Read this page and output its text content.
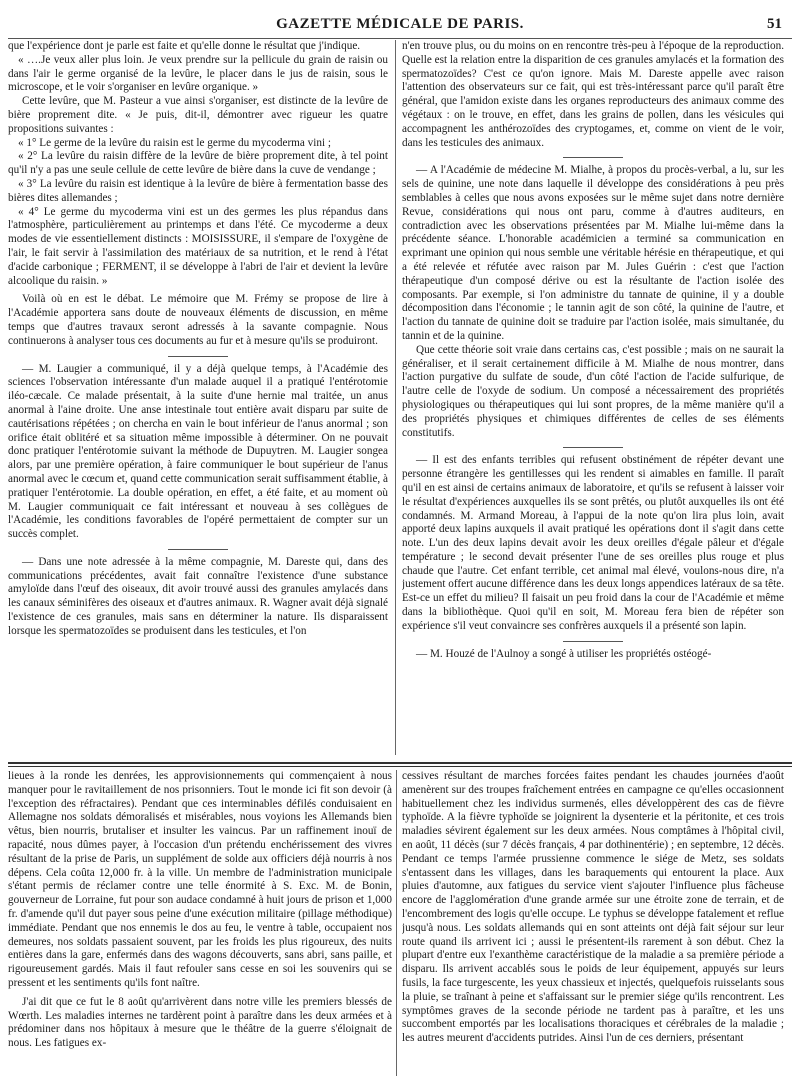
GAZETTE MÉDICALE DE PARIS.	51

que l'expérience dont je parle est faite et qu'elle donne le résultat que j'indique.

« ….Je veux aller plus loin. Je veux prendre sur la pellicule du grain de raisin ou dans l'air le germe organisé de la levûre, le placer dans le jus de raisin, sous le microscope, et le voir s'organiser en levûre organique. »

Cette levûre, que M. Pasteur a vue ainsi s'organiser, est distincte de la levûre de bière proprement dite. « Je puis, dit-il, démontrer avec rigueur les quatre propositions suivantes :

« 1° Le germe de la levûre du raisin est le germe du mycoderma vini ;

« 2° La levûre du raisin diffère de la levûre de bière proprement dite, à tel point qu'il n'y a pas une seule cellule de cette levûre de bière dans la cuve de vendange ;

« 3° La levûre du raisin est identique à la levûre de bière à fermentation basse des bières dites allemandes ;

« 4° Le germe du mycoderma vini est un des germes les plus répandus dans l'atmosphère, particulièrement au printemps et dans l'été. Ce mycoderme a deux modes de vie essentiellement distincts : MOISISSURE, il s'empare de l'oxygène de l'air, le fait servir à l'assimilation des matériaux de sa nutrition, et le rend à l'état d'acide carbonique ; FERMENT, il se développe à l'abri de l'air et devient la levûre alcoolique du raisin. »

Voilà où en est le débat. Le mémoire que M. Frémy se propose de lire à l'Académie apportera sans doute de nouveaux éléments de discussion, en même temps que d'autres travaux seront adressés à la savante compagnie. Nous continuerons à analyser tous ces documents au fur et à mesure qu'ils se produiront.

— M. Laugier a communiqué, il y a déjà quelque temps, à l'Académie des sciences l'observation intéressante d'un malade auquel il a pratiqué l'entérotomie iléo-cæcale. Ce malade présentait, à la suite d'une hernie mal traitée, un anus anormal à l'aine droite. Une anse intestinale tout entière avait disparu par suite de cautérisations répétées ; on chercha en vain le bout inférieur de l'anus anormal ; son orifice était oblitéré et sa situation même impossible à déterminer. On ne pouvait donc pratiquer l'entérotomie suivant la méthode de Dupuytren. M. Laugier songea alors, par une première opération, à faire communiquer le bout supérieur de l'anus anormal avec le cœcum et, quand cette communication serait suffisamment établie, à pratiquer l'entérotomie. La double opération, en effet, a été faite, et au moment où M. Laugier communiquait ce fait intéressant et nouveau à ses collègues de l'Académie, les conditions favorables de l'opéré permettaient de compter sur un succès complet.

— Dans une note adressée à la même compagnie, M. Dareste qui, dans des communications précédentes, avait fait connaître l'existence d'une substance amyloïde dans l'œuf des oiseaux, dit avoir trouvé aussi des granules amylacés dans les canaux séminifères des oiseaux et d'autres animaux. R. Wagner avait déjà signalé l'existence de ces granules, mais sans en déterminer la nature. Ils disparaissent lorsque les spermatozoïdes se produisent dans les testicules, et l'on

n'en trouve plus, ou du moins on en rencontre très-peu à l'époque de la reproduction. Quelle est la relation entre la disparition de ces granules amylacés et la formation des spermatozoïdes? C'est ce qu'on ignore. Mais M. Dareste appelle avec raison l'attention des observateurs sur ce fait, qui est très-intéressant parce qu'il paraît être général, que l'amidon existe dans les organes reproducteurs des animaux comme des végétaux : on le trouve, en effet, dans les grains de pollen, dans les vésicules qui accompagnent les anthérozoïdes des cryptogames, et, comme on vient de le voir, dans les testicules des animaux.

— A l'Académie de médecine M. Mialhe, à propos du procès-verbal, a lu, sur les sels de quinine, une note dans laquelle il développe des considérations à peu près semblables à celles que nous avons exposées sur le même sujet dans notre dernière Revue, considérations qui nous ont paru, comme à d'autres auditeurs, en contradiction avec les observations présentées par M. Mialhe lui-même dans la précédente séance. L'honorable académicien a terminé sa communication en exprimant une opinion qui nous semble une véritable hérésie en thérapeutique, et qui a été relevée et réfutée avec raison par M. Jules Guérin : c'est que l'action thérapeutique d'un composé dérive ou est la résultante de l'action isolée des composants. Par exemple, si l'on administre du tannate de quinine, il y a double décomposition dans l'économie ; le tannin agit de son côté, la quinine de l'autre, et l'action du tannate de quinine doit se traduire par l'action isolée, mais simultanée, du tannin et de la quinine.

Que cette théorie soit vraie dans certains cas, c'est possible ; mais on ne saurait la généraliser, et il serait certainement difficile à M. Mialhe de nous montrer, dans l'action purgative du sulfate de soude, d'un côté l'action de l'acide sulfurique, de l'autre celle de l'oxyde de sodium. Un composé a nécessairement des propriétés physiologiques ou thérapeutiques qui lui sont propres, de la même manière qu'il a des propriétés physiques et chimiques différentes de celles de ses éléments constitutifs.

— Il est des enfants terribles qui refusent obstinément de répéter devant une personne étrangère les gentillesses qui les rendent si aimables en famille. Il paraît qu'il en est ainsi de certains animaux de laboratoire, et qu'ils se refusent à laisser voir le résultat d'expériences auxquelles ils se sont prêtés, ou plutôt auxquelles ils ont été condamnés. M. Armand Moreau, à l'appui de la note qu'on lira plus loin, avait apporté deux lapins auxquels il avait pratiqué les opérations dont il s'agit dans cette note. L'un des deux lapins devait avoir les deux oreilles d'égale pâleur et d'égale température ; le second devait présenter l'une de ses oreilles plus rouge et plus chaude que l'autre. Cet enfant terrible, cet animal mal élevé, voulons-nous dire, n'a justement offert aucune différence dans les deux longs appendices latéraux de sa tête. Est-ce un effet du milieu? Il faisait un peu froid dans la cour de l'Académie et même dans la bibliothèque. Quoi qu'il en soit, M. Moreau fera bien de répéter son expérience s'il veut convaincre ses confrères auxquels il a présenté son lapin.

— M. Houzé de l'Aulnoy a songé à utiliser les propriétés ostéogé-

lieues à la ronde les denrées, les approvisionnements qui commençaient à nous manquer pour le ravitaillement de nos prisonniers. Tout le monde ici fit son devoir (à l'exception des réfractaires). Pendant que ces interminables défilés conduisaient en Allemagne nos soldats démoralisés et misérables, nous voyions les Allemands bien vêtus, bien nourris, brutaliser et insulter les vaincus. Par un raffinement inouï de rapacité, nous dûmes payer, à l'occasion d'un prétendu enchérissement des vivres résultant de la prise de Paris, un supplément de solde aux officiers déjà nourris à nos dépens. Cela coûta 12,000 fr. à la ville. Un membre de l'administration municipale s'étant permis de réclamer contre une telle énormité à S. Exc. M. de Bonin, gouverneur de Lorraine, fut pour son audace condamné à huit jours de prison et 1,000 fr. d'amende qu'il dut payer sous peine d'une exécution militaire (pillage méthodique) immédiate. Pendant que nos ennemis le dos au feu, le ventre à table, occupaient nos demeures, nos soldats passaient souvent, par les froids les plus rigoureux, des nuits entières dans la gare, enfermés dans des wagons découverts, sans abri, sans paille, et rigoureusement gardés. Mais il faut refouler sans cesse en soi les souvenirs qui se pressent et les sentiments qu'ils font naître.

J'ai dit que ce fut le 8 août qu'arrivèrent dans notre ville les premiers blessés de Wœrth. Les maladies internes ne tardèrent point à paraître dans les deux armées et à prédominer dans nos hôpitaux à mesure que le théâtre de la guerre s'éloignait de nous. Les fatigues ex-

cessives résultant de marches forcées faites pendant les chaudes journées d'août amenèrent sur des troupes fraîchement entrées en campagne ce qu'elles occasionnent habituellement chez les individus surmenés, elles développèrent des cas de fièvre typhoïde. A la fièvre typhoïde se joignirent la dysenterie et la péritonite, et ces trois maladies sévirent également sur les deux armées. Nous comptâmes à l'hôpital civil, en août, 11 décès (sur 7 décès français, 4 par dothinentérie) ; en septembre, 12 décès. Pendant ce temps l'armée prussienne commence le siége de Metz, ses soldats s'entassent dans les villages, dans les baraquements qui entourent la place. Aux pluies d'automne, aux fatigues du service vient s'ajouter l'influence plus fâcheuse encore de l'agglomération d'une grande armée sur une étroite zone de terrain, et de l'encombrement des logis qu'elle occupe. Le typhus se développe fatalement et reflue jusqu'à nous. Les soldats allemands qui en sont atteints ont déjà fait séjour sur leur route quand ils arrivent ici ; aussi le présentent-ils rarement à son début. Chez la plupart d'entre eux l'exanthème caractéristique de la maladie a sa première période a disparu. Ils arrivent accablés sous le poids de leur équipement, appuyés sur leurs fusils, la face turgescente, les yeux chassieux et injectés, quelquefois ruisselants sous la pluie, se traînant à peine et s'affaissant sur le premier siége qu'ils rencontrent. Les symptômes graves de la seconde période ne tardent pas à paraître, et les uns succombent emportés par les localisations thoraciques et cérébrales de la maladie ; les autres meurent d'accidents putrides. Ainsi l'un de ces derniers, présentant
